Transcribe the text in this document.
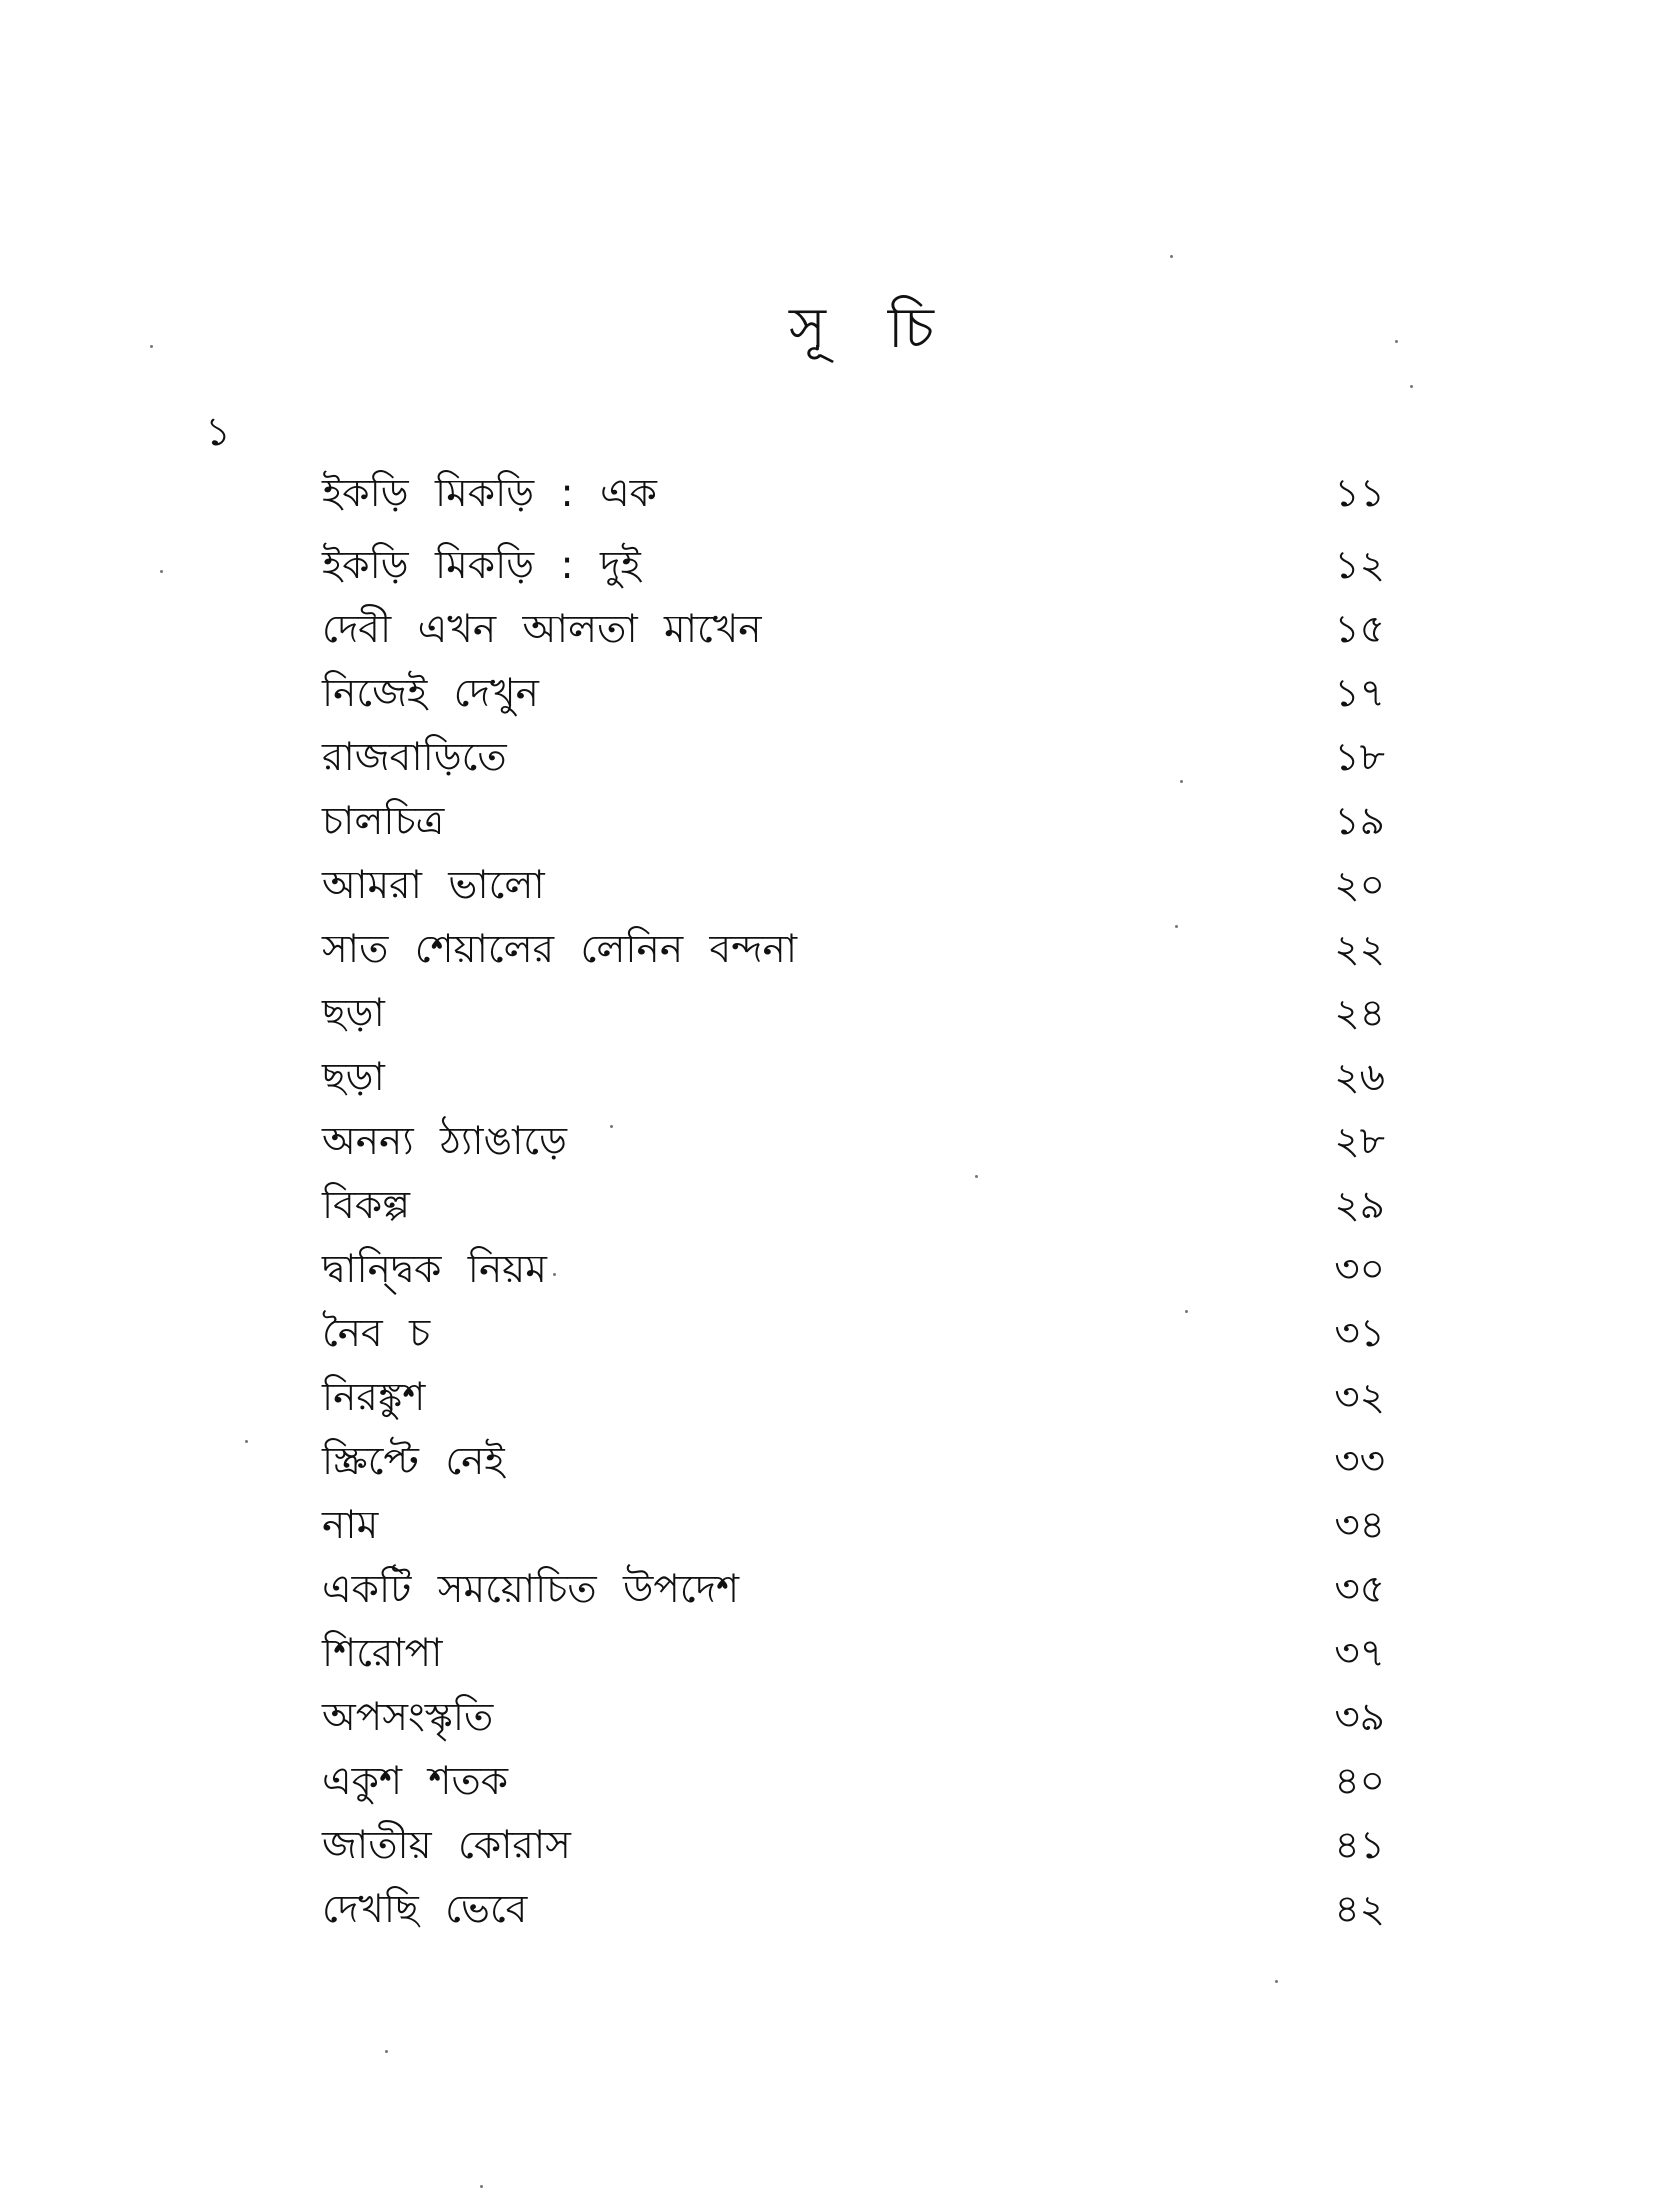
সূ চি
১
ইকড়ি মিকড়ি : এক	১১
ইকড়ি মিকড়ি : দুই	১২
দেবী এখন আলতা মাখেন	১৫
নিজেই দেখুন	১৭
রাজবাড়িতে	১৮
চালচিত্র	১৯
আমরা ভালো	২০
সাত শেয়ালের লেনিন বন্দনা	২২
ছড়া	২৪
ছড়া	২৬
অনন্য ঠ্যাঙাড়ে	২৮
বিকল্প	২৯
দ্বান্দ্বিক নিয়ম	৩০
নৈব চ	৩১
নিরঙ্কুশ	৩২
স্ক্রিপ্টে নেই	৩৩
নাম	৩৪
একটি সময়োচিত উপদেশ	৩৫
শিরোপা	৩৭
অপসংস্কৃতি	৩৯
একুশ শতক	৪০
জাতীয় কোরাস	৪১
দেখছি ভেবে	৪২
